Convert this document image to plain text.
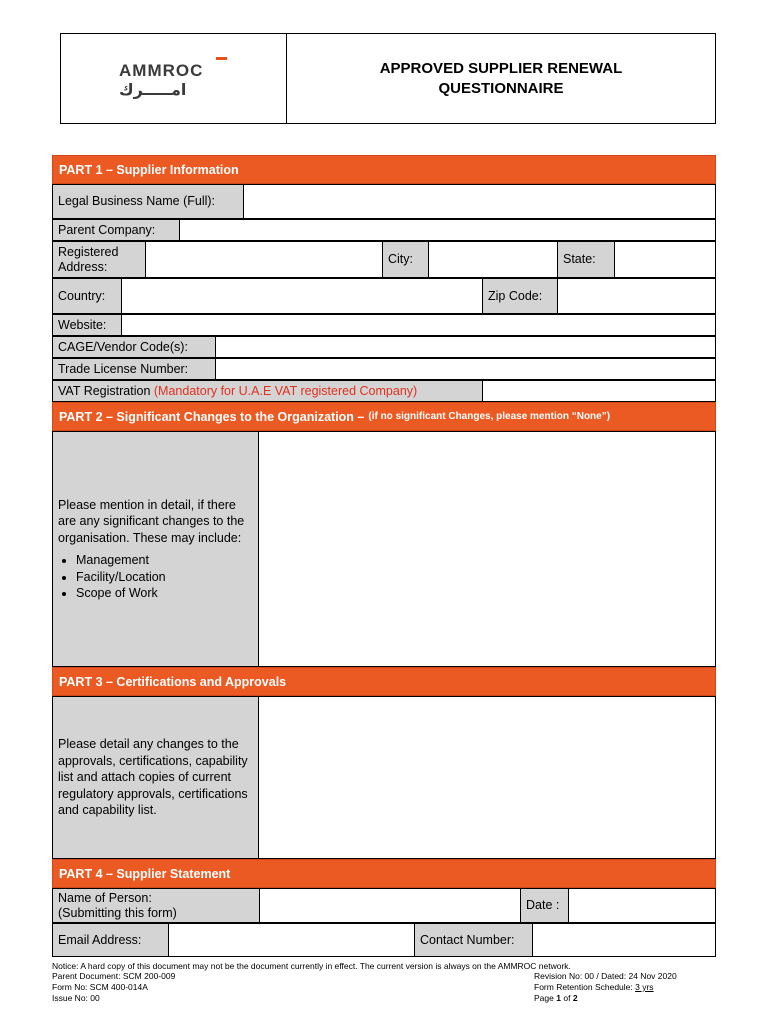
AMMROC
امـــــرك
APPROVED SUPPLIER RENEWAL
QUESTIONNAIRE
PART 1 – Supplier Information
Legal Business Name (Full):
Parent Company:
Registered Address:
City:	State:
Country:	Zip Code:
Website:
CAGE/Vendor Code(s):
Trade License Number:
VAT Registration
(Mandatory for U.A.E VAT registered Company)
PART 2 – Significant Changes to the Organization – (if no significant Changes, please mention “None”)
Please mention in detail, if there are any significant changes to the organisation. These may include:
• Management
• Facility/Location
• Scope of Work
PART 3 – Certifications and Approvals
Please detail any changes to the approvals, certifications, capability list and attach copies of current regulatory approvals, certifications and capability list.
PART 4 – Supplier Statement
Name of Person:
(Submitting this form)
Date :
Email Address:	Contact Number:
Notice: A hard copy of this document may not be the document currently in effect. The current version is always on the AMMROC network.
Parent Document: SCM 200-009
Form No: SCM 400-014A
Issue No: 00
Revision No: 00 / Dated: 24 Nov 2020
Form Retention Schedule: 3 yrs
Page 1 of 2
